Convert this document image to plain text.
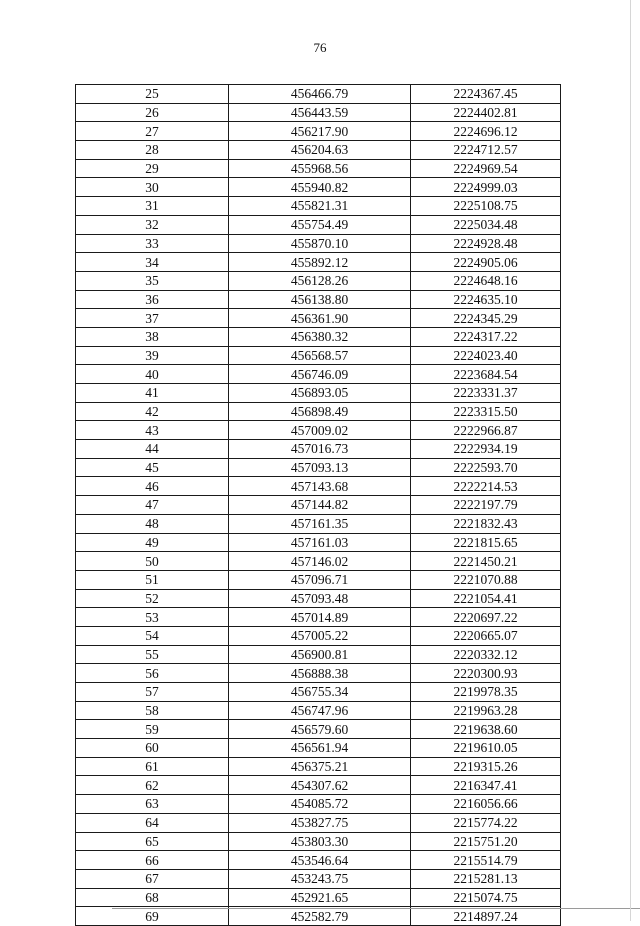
76
25	456466.79	2224367.45
26	456443.59	2224402.81
27	456217.90	2224696.12
28	456204.63	2224712.57
29	455968.56	2224969.54
30	455940.82	2224999.03
31	455821.31	2225108.75
32	455754.49	2225034.48
33	455870.10	2224928.48
34	455892.12	2224905.06
35	456128.26	2224648.16
36	456138.80	2224635.10
37	456361.90	2224345.29
38	456380.32	2224317.22
39	456568.57	2224023.40
40	456746.09	2223684.54
41	456893.05	2223331.37
42	456898.49	2223315.50
43	457009.02	2222966.87
44	457016.73	2222934.19
45	457093.13	2222593.70
46	457143.68	2222214.53
47	457144.82	2222197.79
48	457161.35	2221832.43
49	457161.03	2221815.65
50	457146.02	2221450.21
51	457096.71	2221070.88
52	457093.48	2221054.41
53	457014.89	2220697.22
54	457005.22	2220665.07
55	456900.81	2220332.12
56	456888.38	2220300.93
57	456755.34	2219978.35
58	456747.96	2219963.28
59	456579.60	2219638.60
60	456561.94	2219610.05
61	456375.21	2219315.26
62	454307.62	2216347.41
63	454085.72	2216056.66
64	453827.75	2215774.22
65	453803.30	2215751.20
66	453546.64	2215514.79
67	453243.75	2215281.13
68	452921.65	2215074.75
69	452582.79	2214897.24
